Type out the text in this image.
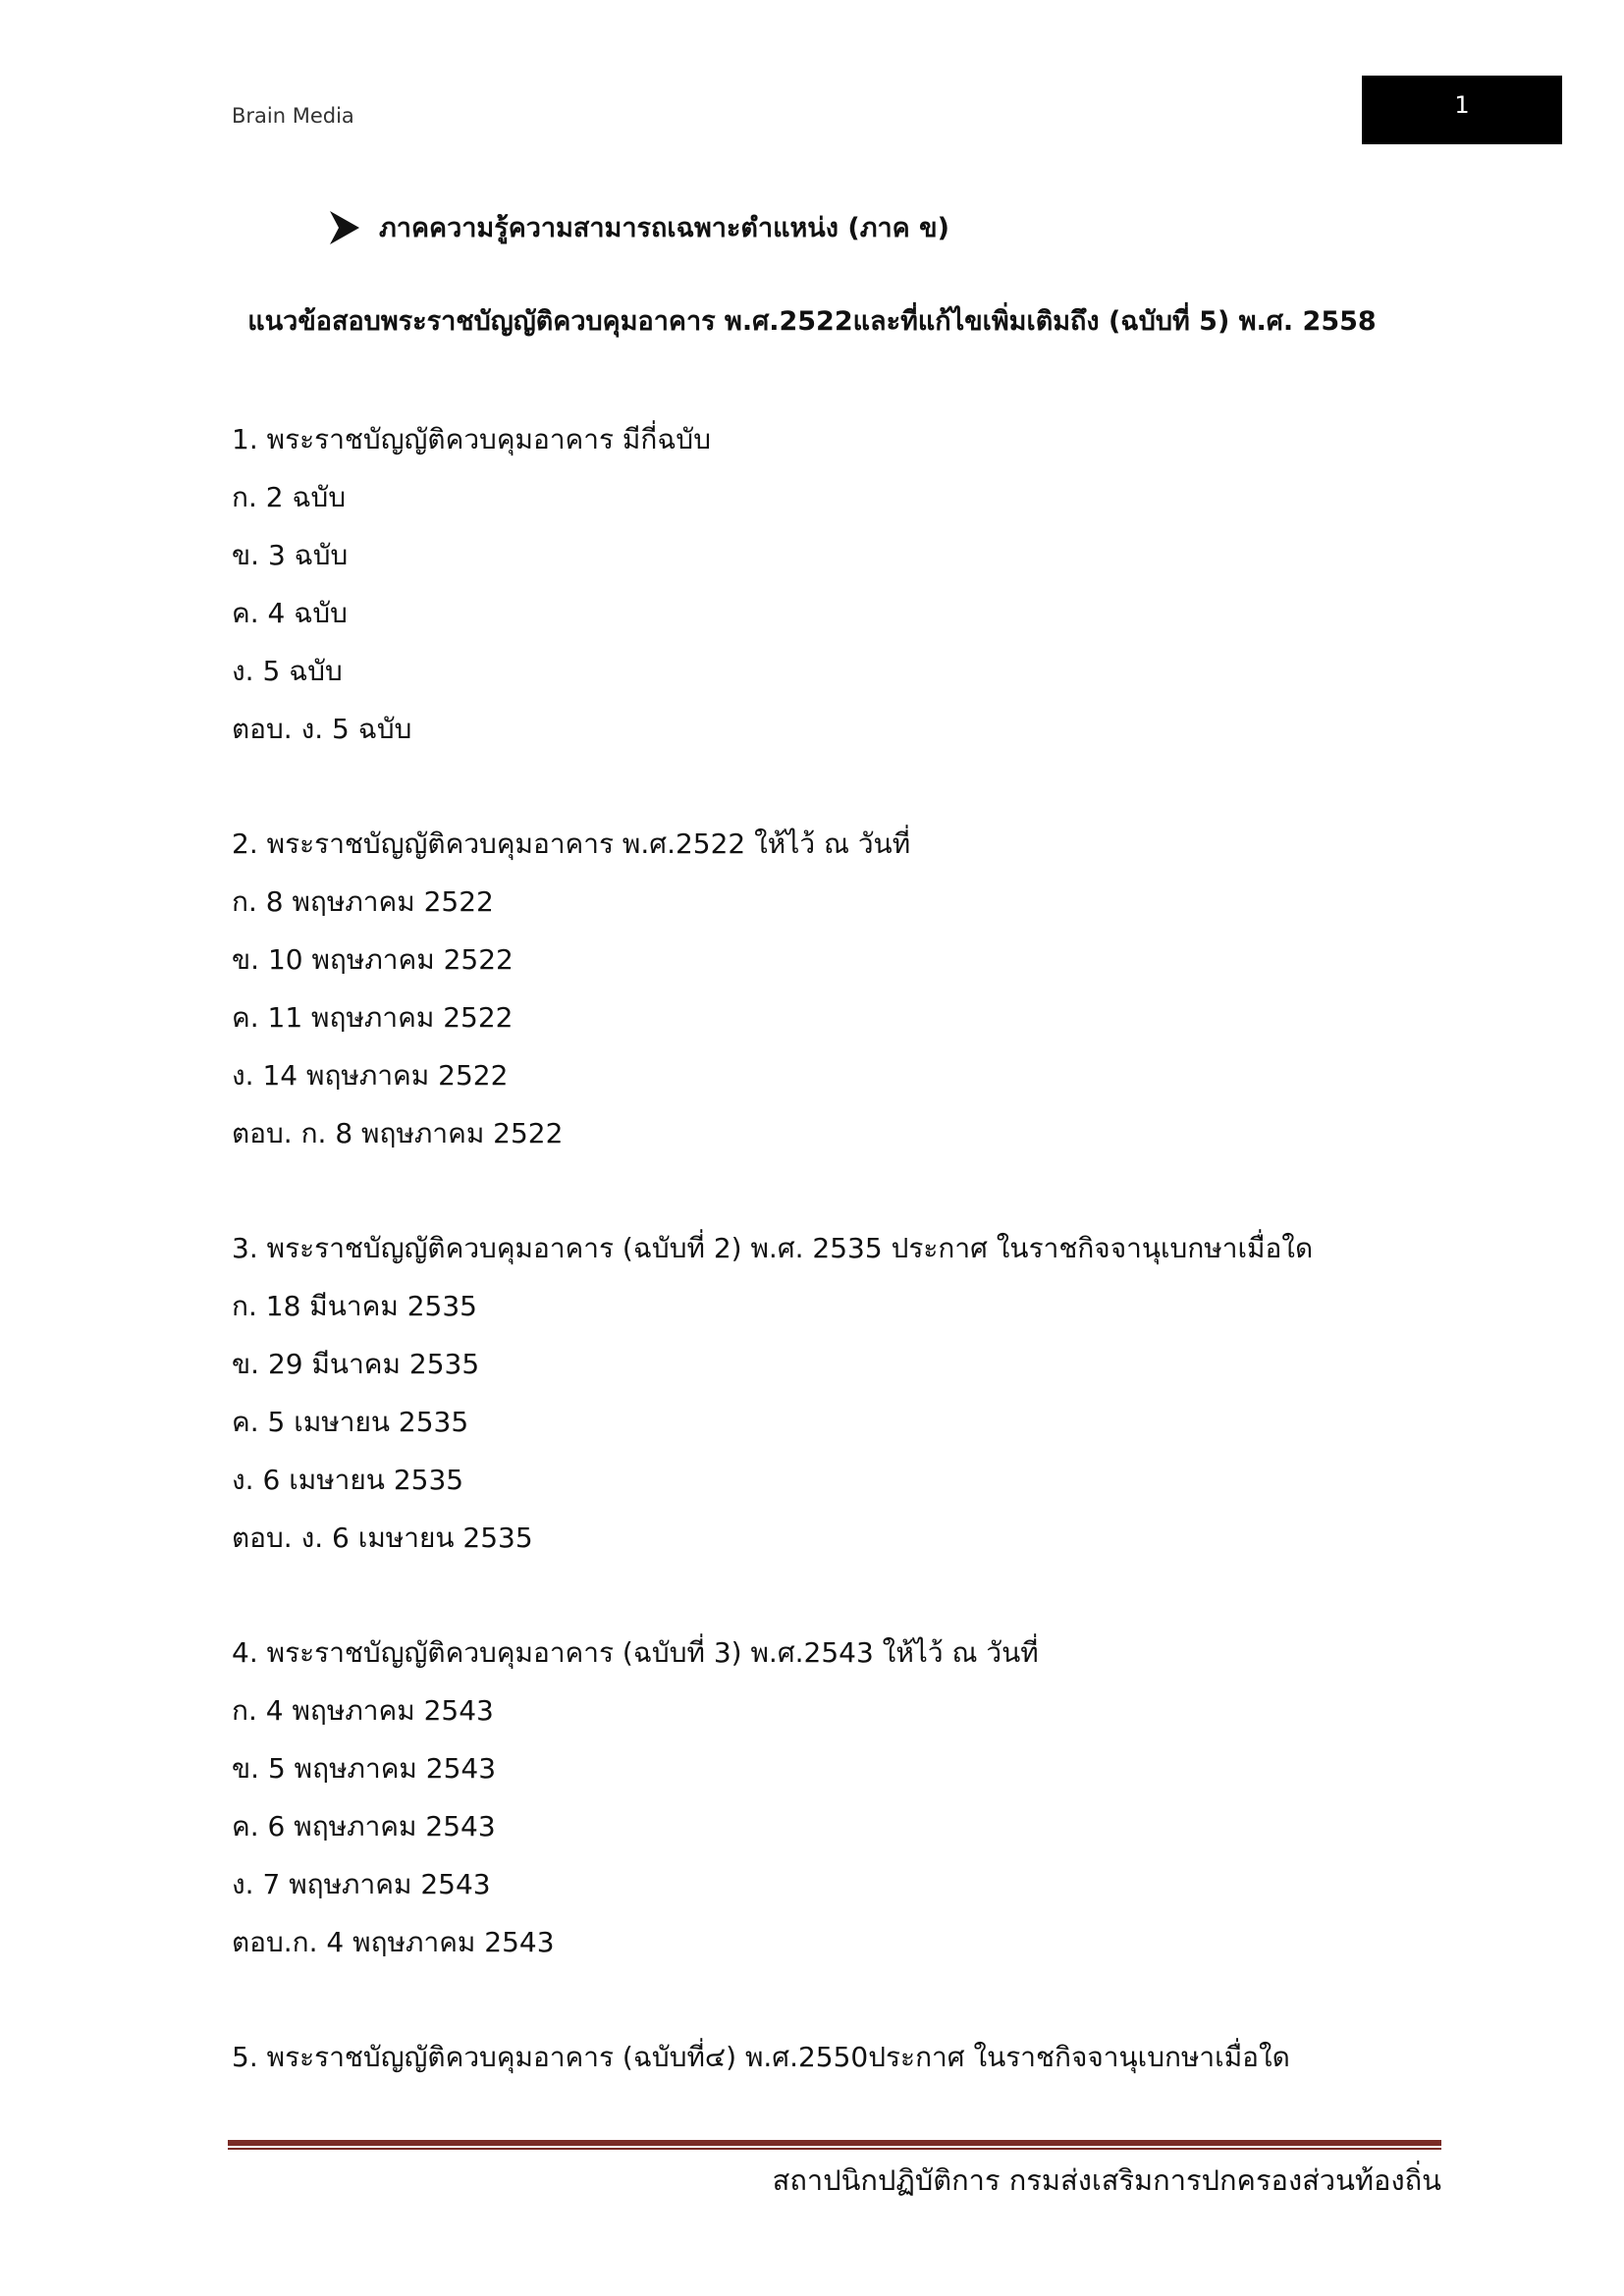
Brain Media	1
ภาคความรู้ความสามารถเฉพาะตำแหน่ง (ภาค ข)
แนวข้อสอบพระราชบัญญัติควบคุมอาคาร พ.ศ.2522และที่แก้ไขเพิ่มเติมถึง (ฉบับที่ 5) พ.ศ. 2558
1. พระราชบัญญัติควบคุมอาคาร มีกี่ฉบับ
ก. 2 ฉบับ
ข. 3 ฉบับ
ค. 4 ฉบับ
ง. 5 ฉบับ
ตอบ. ง. 5 ฉบับ
2. พระราชบัญญัติควบคุมอาคาร พ.ศ.2522 ให้ไว้ ณ วันที่
ก. 8 พฤษภาคม 2522
ข. 10 พฤษภาคม 2522
ค. 11 พฤษภาคม 2522
ง. 14 พฤษภาคม 2522
ตอบ. ก. 8 พฤษภาคม 2522
3. พระราชบัญญัติควบคุมอาคาร (ฉบับที่ 2) พ.ศ. 2535 ประกาศ ในราชกิจจานุเบกษาเมื่อใด
ก. 18 มีนาคม 2535
ข. 29 มีนาคม 2535
ค. 5 เมษายน 2535
ง. 6 เมษายน 2535
ตอบ. ง. 6 เมษายน 2535
4. พระราชบัญญัติควบคุมอาคาร (ฉบับที่ 3) พ.ศ.2543 ให้ไว้ ณ วันที่
ก. 4 พฤษภาคม 2543
ข. 5 พฤษภาคม 2543
ค. 6 พฤษภาคม 2543
ง. 7 พฤษภาคม 2543
ตอบ.ก. 4 พฤษภาคม 2543
5. พระราชบัญญัติควบคุมอาคาร (ฉบับที่๔) พ.ศ.2550ประกาศ ในราชกิจจานุเบกษาเมื่อใด
สถาปนิกปฏิบัติการ กรมส่งเสริมการปกครองส่วนท้องถิ่น
